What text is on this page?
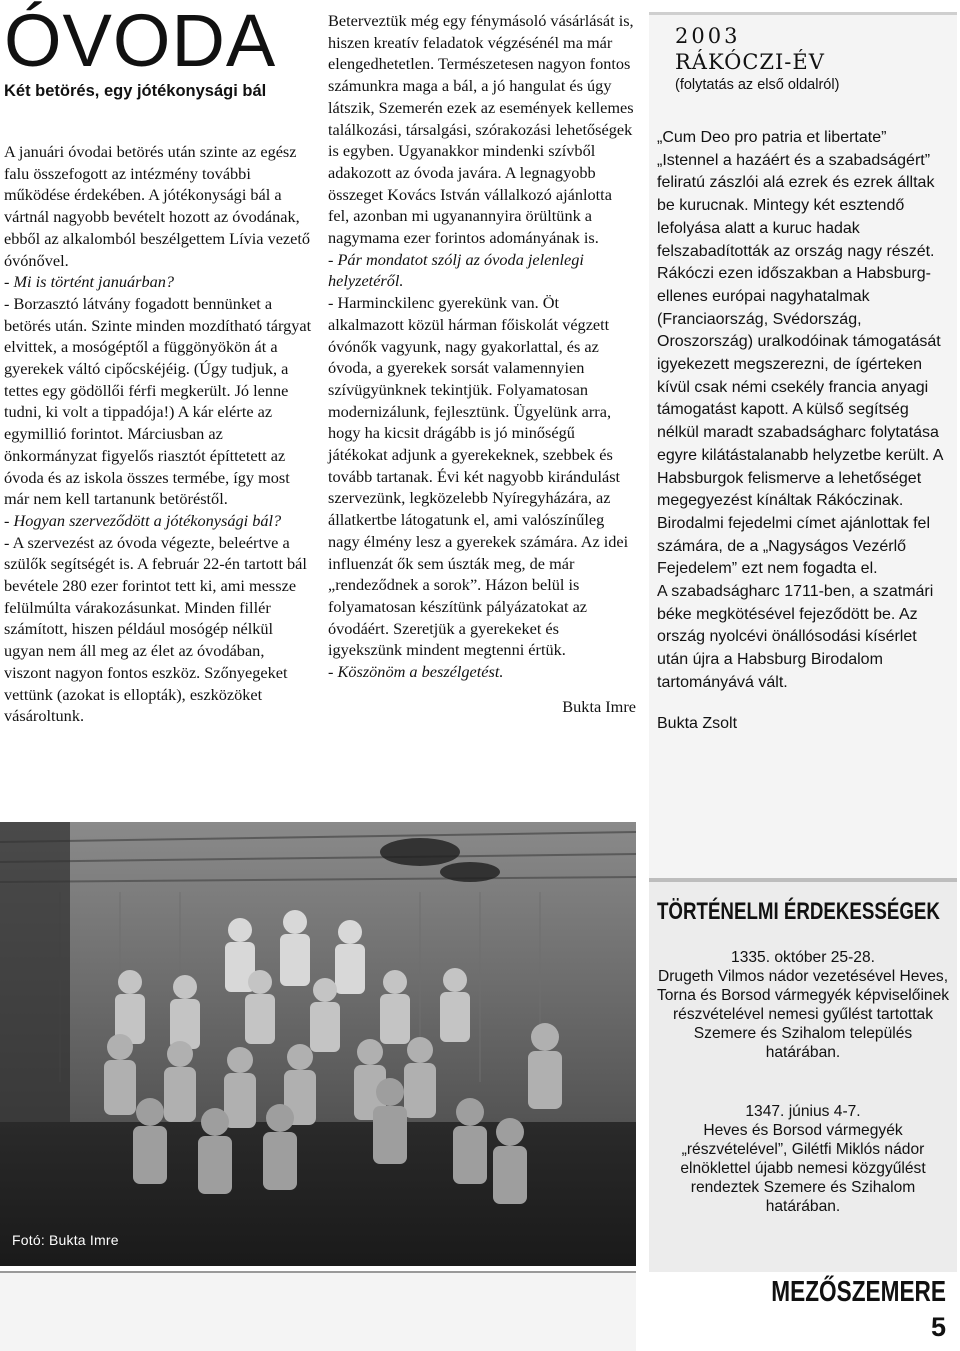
ÓVODA
Két betörés, egy jótékonysági bál

A januári óvodai betörés után szinte az egész falu összefogott az intézmény további működése érdekében. A jótékonysági bál a vártnál nagyobb bevételt hozott az óvodának, ebből az alkalomból beszélgettem Lívia vezető óvónővel.

- Mi is történt januárban?

- Borzasztó látvány fogadott bennünket a betörés után. Szinte minden mozdítható tárgyat elvittek, a mosógéptől a függönyökön át a gyerekek váltó cipőcskéjéig. (Úgy tudjuk, a tettes egy gödöllői férfi megkerült. Jó lenne tudni, ki volt a tippadója!) A kár elérte az egymillió forintot. Márciusban az önkormányzat figyelős riasztót építtetett az óvoda és az iskola összes termébe, így most már nem kell tartanunk betöréstől.

- Hogyan szerveződött a jótékonysági bál?

- A szervezést az óvoda végezte, beleértve a szülők segítségét is. A február 22-én tartott bál bevétele 280 ezer forintot tett ki, ami messze felülmúlta várakozásunkat. Minden fillér számított, hiszen például mosógép nélkül ugyan nem áll meg az élet az óvodában, viszont nagyon fontos eszköz. Szőnyegeket vettünk (azokat is ellopták), eszközöket vásároltunk.

Beterveztük még egy fénymásoló vásárlását is, hiszen kreatív feladatok végzésénél ma már elengedhetetlen. Természetesen nagyon fontos számunkra maga a bál, a jó hangulat és úgy látszik, Szemerén ezek az események kellemes találkozási, társalgási, szórakozási lehetőségek is egyben. Ugyanakkor mindenki szívből adakozott az óvoda javára. A legnagyobb összeget Kovács István vállalkozó ajánlotta fel, azonban mi ugyanannyira örültünk a nagymama ezer forintos adományának is.

- Pár mondatot szólj az óvoda jelenlegi helyzetéről.

- Harminckilenc gyerekünk van. Öt alkalmazott közül hárman főiskolát végzett óvónők vagyunk, nagy gyakorlattal, és az óvoda, a gyerekek sorsát valamennyien szívügyünknek tekintjük. Folyamatosan modernizálunk, fejlesztünk. Ügyelünk arra, hogy ha kicsit drágább is jó minőségű játékokat adjunk a gyerekeknek, szebbek és tovább tartanak. Évi két nagyobb kirándulást szervezünk, legközelebb Nyíregyházára, az állatkertbe látogatunk el, ami valószínűleg nagy élmény lesz a gyerekek számára. Az idei influenzát ők sem úszták meg, de már „rendeződnek a sorok”. Házon belül is folyamatosan készítünk pályázatokat az óvodáért. Szeretjük a gyerekeket és igyekszünk mindent megtenni értük.

- Köszönöm a beszélgetést.

Bukta Imre
2003
RÁKÓCZI-ÉV
(folytatás az első oldalról)

„Cum Deo pro patria et libertate” „Istennel a hazáért és a szabadságért” feliratú zászlói alá ezrek és ezrek álltak be kurucnak. Mintegy két esztendő lefolyása alatt a kuruc hadak felszabadították az ország nagy részét. Rákóczi ezen időszakban a Habsburg-ellenes európai nagyhatalmak (Franciaország, Svédország, Oroszország) uralkodóinak támogatását igyekezett megszerezni, de ígérteken kívül csak némi csekély francia anyagi támogatást kapott. A külső segítség nélkül maradt szabadságharc folytatása egyre kilátástalanabb helyzetbe került. A Habsburgok felismerve a lehetőséget megegyezést kínáltak Rákóczinak. Birodalmi fejedelmi címet ajánlottak fel számára, de a „Nagyságos Vezérlő Fejedelem” ezt nem fogadta el.

A szabadságharc 1711-ben, a szatmári béke megkötésével fejeződött be. Az ország nyolcévi önállósodási kísérlet után újra a Habsburg Birodalom tartományává vált.

Bukta Zsolt
TÖRTÉNELMI ÉRDEKESSÉGEK

1335. október 25-28.

Drugeth Vilmos nádor vezetésével Heves, Torna és Borsod vármegyék képviselőinek részvételével nemesi gyűlést tartottak Szemere és Szihalom település határában.

1347. június 4-7.

Heves és Borsod vármegyék „részvételével”, Gilétfi Miklós nádor elnöklettel újabb nemesi közgyűlést rendeztek Szemere és Szihalom határában.

Fotó: Bukta Imre
MEZŐSZEMERE
5
